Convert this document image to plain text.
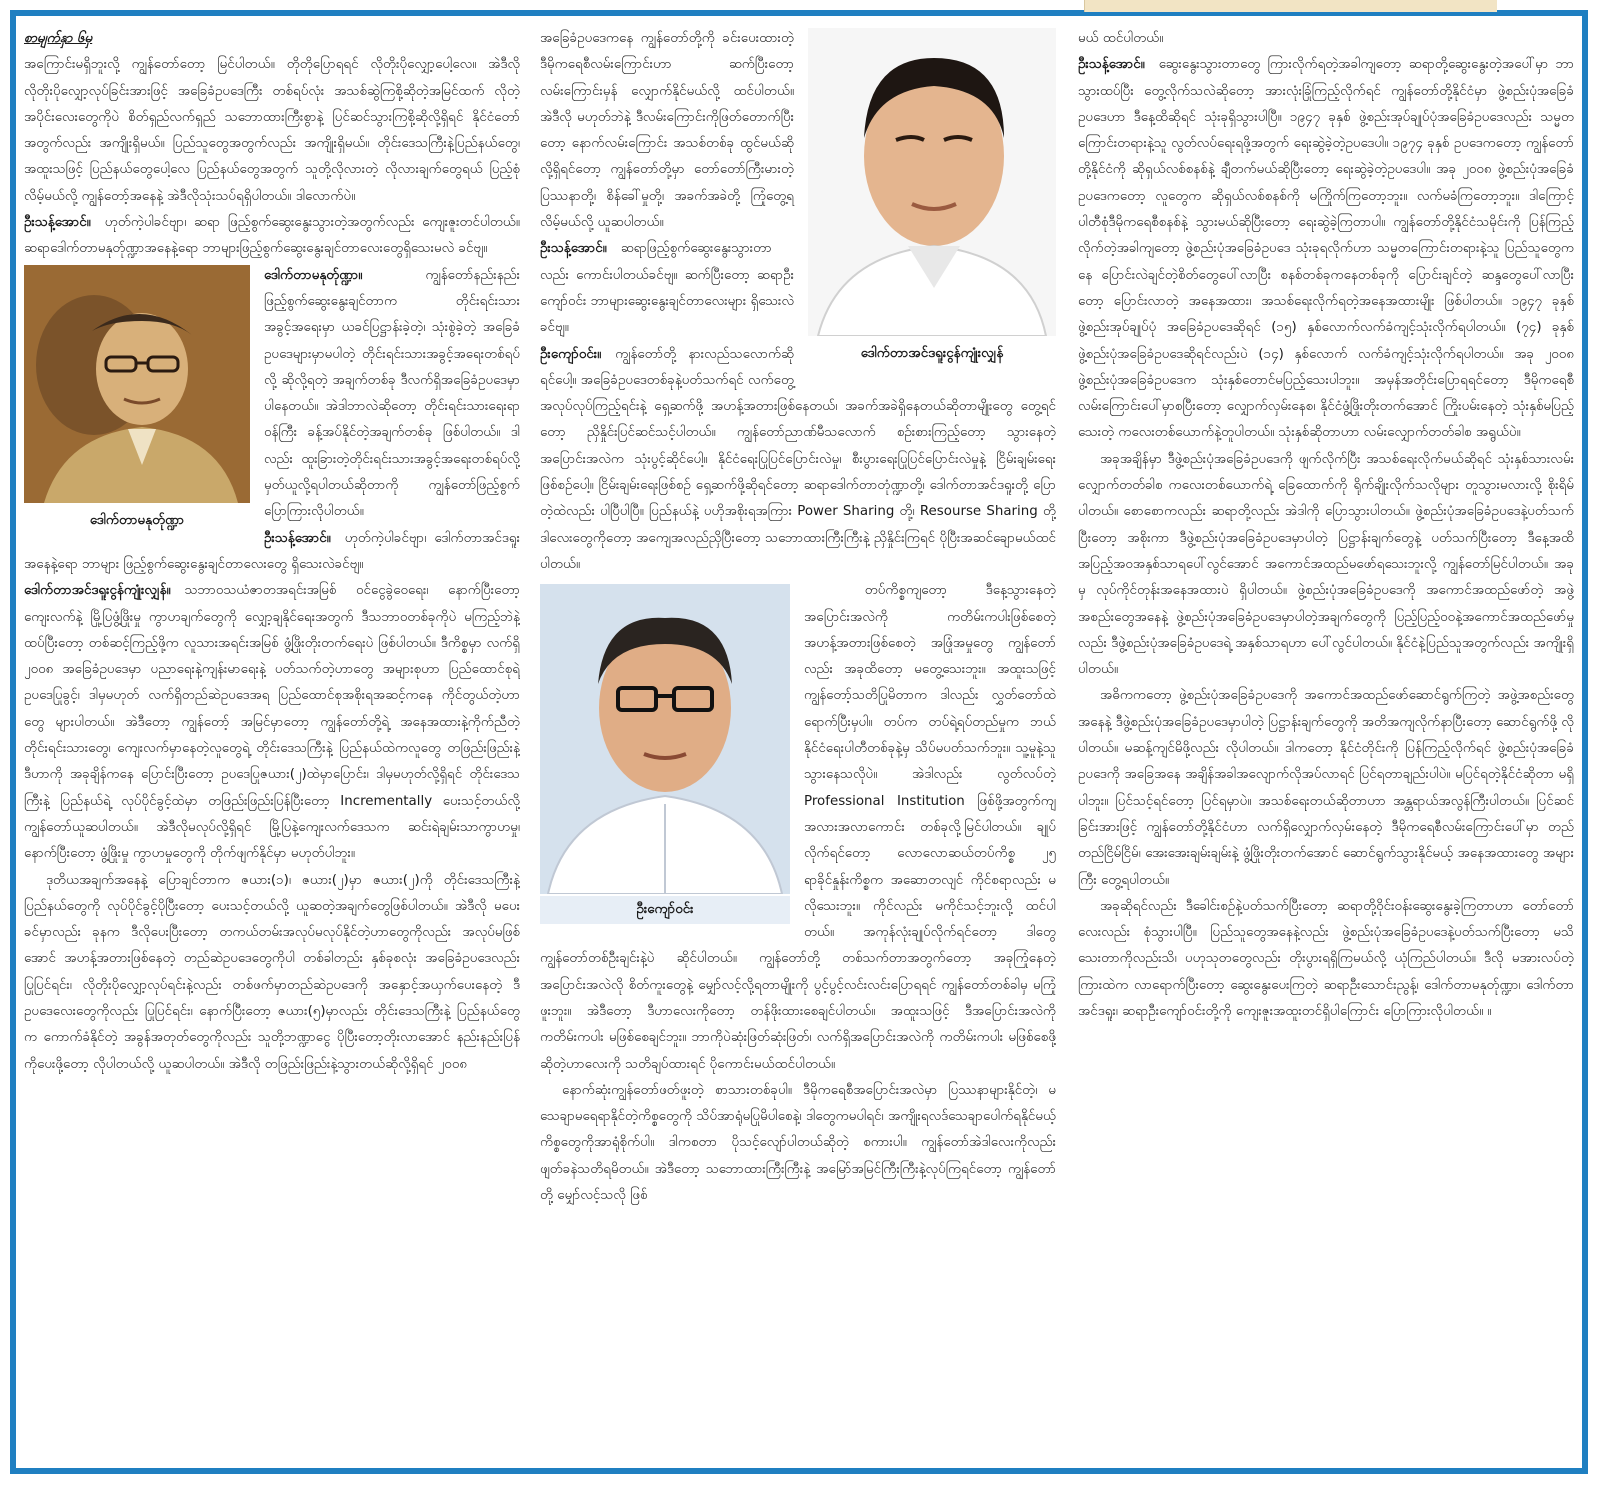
စာမျက်နှာ ၆မှ

အကြောင်းမရှိဘူးလို့ ကျွန်တော်တော့ မြင်ပါတယ်။ တိုတိုပြောရရင် လိုတိုးပိုလျှော့ပေါ့လေ။ အဲဒီလို လိုတိုးပိုလျှော့လုပ်ခြင်းအားဖြင့် အခြေခံဥပဒေကြီး တစ်ရပ်လုံး အသစ်ဆွဲကြစို့ဆိုတဲ့အမြင်ထက် လိုတဲ့အပိုင်းလေးတွေကိုပဲ စိတ်ရှည်လက်ရှည် သဘောထားကြီးစွာနဲ့ ပြင်ဆင်သွားကြစို့ဆိုလို့ရှိရင် နိုင်ငံတော်အတွက်လည်း အကျိုးရှိမယ်။ ပြည်သူတွေအတွက်လည်း အကျိုးရှိမယ်။ တိုင်းဒေသကြီးနဲ့ပြည်နယ်တွေ၊ အထူးသဖြင့် ပြည်နယ်တွေပေါ့လေ ပြည်နယ်တွေအတွက် သူတို့လိုလားတဲ့ လိုလားချက်တွေရယ် ပြည့်စုံလိမ့်မယ်လို့ ကျွန်တော့်အနေနဲ့ အဲဒီလိုသုံးသပ်ရရှိပါတယ်။ ဒါလောက်ပဲ။

ဦးသန့်အောင်။ ဟုတ်ကဲ့ပါခင်ဗျာ၊ ဆရာ ဖြည့်စွက်ဆွေးနွေးသွားတဲ့အတွက်လည်း ကျေးဇူးတင်ပါတယ်။ ဆရာဒေါက်တာမနုတ်ုဏ္ဍာအနေနဲ့ရော ဘာများဖြည့်စွက်ဆွေးနွေးချင်တာလေးတွေရှိသေးမလဲ ခင်ဗျ။

ဒေါက်တာမနုတ်ုဏ္ဍာ။
ဒေါက်တာမနုတ်ုဏ္ဍာ
ကျွန်တော်နည်းနည်း ဖြည့်စွက်ဆွေးနွေးချင်တာက တိုင်းရင်းသားအခွင့်အရေးမှာ ယခင်ပြဋ္ဌာန်းခဲ့တဲ့၊ သုံးစွဲခဲ့တဲ့ အခြေခံဥပဒေများမှာမပါတဲ့ တိုင်းရင်းသားအခွင့်အရေးတစ်ရပ်လို့ ဆိုလို့ရတဲ့ အချက်တစ်ခု ဒီလက်ရှိအခြေခံဥပဒေမှာပါနေတယ်။ အဲဒါဘာလဲဆိုတော့ တိုင်းရင်းသားရေးရာဝန်ကြီး ခန့်အပ်နိုင်တဲ့အချက်တစ်ခု ဖြစ်ပါတယ်။ ဒါလည်း ထူးခြားတဲ့တိုင်းရင်းသားအခွင့်အရေးတစ်ရပ်လို့ မှတ်ယူလို့ရပါတယ်ဆိုတာကို ကျွန်တော်ဖြည့်စွက် ပြောကြားလိုပါတယ်။

ဦးသန့်အောင်။ ဟုတ်ကဲ့ပါခင်ဗျာ၊ ဒေါက်တာအင်ဒရူးအနေနဲ့ရော ဘာများ ဖြည့်စွက်ဆွေးနွေးချင်တာလေးတွေ ရှိသေးလဲခင်ဗျ။

ဒေါက်တာအင်ဒရူးငွန်ကျုံးလျှန်။ သဘာဝသယံဇာတအရင်းအမြစ် ဝင်ငွေခွဲဝေရေး၊ နောက်ပြီးတော့ ကျေးလက်နဲ့ မြို့ပြဖွံ့ဖြိုးမှု ကွာဟချက်တွေကို လျှော့ချနိုင်ရေးအတွက် ဒီသဘာဝတစ်ခုကိုပဲ မကြည့်ဘဲနဲ့ ထပ်ပြီးတော့ တစ်ဆင့်ကြည့်ဖို့က လူသားအရင်းအမြစ် ဖွံ့ဖြိုးတိုးတက်ရေးပဲ ဖြစ်ပါတယ်။ ဒီကိစ္စမှာ လက်ရှိ ၂၀၀၈ အခြေခံဥပဒေမှာ ပညာရေးနဲ့ကျန်းမာရေးနဲ့ ပတ်သက်တဲ့ဟာတွေ အများစုဟာ ပြည်ထောင်စုရဲ့ ဥပဒေပြုခွင့်၊ ဒါမှမဟုတ် လက်ရှိတည်ဆဲဥပဒေအရ ပြည်ထောင်စုအစိုးရအဆင့်ကနေ ကိုင်တွယ်တဲ့ဟာတွေ များပါတယ်။ အဲဒီတော့ ကျွန်တော့် အမြင်မှာတော့ ကျွန်တော်တို့ရဲ့ အနေအထားနဲ့ကိုက်ညီတဲ့ တိုင်းရင်းသားတွေ၊ ကျေးလက်မှာနေတဲ့လူတွေရဲ့ တိုင်းဒေသကြီးနဲ့ ပြည်နယ်ထဲကလူတွေ တဖြည်းဖြည်းနဲ့ ဒီဟာကို အခုချိန်ကနေ ပြောင်းပြီးတော့ ဥပဒေပြုဇယား(၂)ထဲမှာပြောင်း၊ ဒါမှမဟုတ်လို့ရှိရင် တိုင်းဒေသကြီးနဲ့ ပြည်နယ်ရဲ့ လုပ်ပိုင်ခွင့်ထဲမှာ တဖြည်းဖြည်းပြန်ပြီးတော့ Incrementally ပေးသင့်တယ်လို့ ကျွန်တော်ယူဆပါတယ်။ အဲဒီလိုမလုပ်လို့ရှိရင် မြို့ပြနဲ့ကျေးလက်ဒေသက ဆင်းရဲချမ်းသာကွာဟမှု၊ နောက်ပြီးတော့ ဖွံ့ဖြိုးမှု ကွာဟမှုတွေကို တိုက်ဖျက်နိုင်မှာ မဟုတ်ပါဘူး။

ဒုတိယအချက်အနေနဲ့ ပြောချင်တာက ဇယား(၁)၊ ဇယား(၂)မှာ ဇယား(၂)ကို တိုင်းဒေသကြီးနဲ့ ပြည်နယ်တွေကို လုပ်ပိုင်ခွင့်ပိုပြီးတော့ ပေးသင့်တယ်လို့ ယူဆတဲ့အချက်တွေဖြစ်ပါတယ်။ အဲဒီလို မပေးခင်မှာလည်း ခုနက ဒီလိုပေးပြီးတော့ တကယ်တမ်းအလုပ်မလုပ်နိုင်တဲ့ဟာတွေကိုလည်း အလုပ်မဖြစ်အောင် အဟန့်အတားဖြစ်နေတဲ့ တည်ဆဲဥပဒေတွေကိုပါ တစ်ခါတည်း နှစ်ခုစလုံး အခြေခံဥပဒေလည်း ပြုပြင်ရင်း၊ လိုတိုးပိုလျှော့လုပ်ရင်းနဲ့လည်း တစ်ဖက်မှာတည်ဆဲဥပဒေကို အနှောင့်အယှက်ပေးနေတဲ့ ဒီဥပဒေလေးတွေကိုလည်း ပြုပြင်ရင်း၊ နောက်ပြီးတော့ ဇယား(၅)မှာလည်း တိုင်းဒေသကြီးနဲ့ ပြည်နယ်တွေက ကောက်ခံနိုင်တဲ့ အခွန်အတုတ်တွေကိုလည်း သူတို့ဘဏ္ဍာငွေ ပိုပြီးတော့တိုးလာအောင် နည်းနည်းပြန်ကိုပေးဖို့တော့ လိုပါတယ်လို့ ယူဆပါတယ်။ အဲဒီလို တဖြည်းဖြည်းနဲ့သွားတယ်ဆိုလို့ရှိရင် ၂၀၀၈

ဒေါက်တာအင်ဒရူးငွန်ကျုံးလျှန်
အခြေခံဥပဒေကနေ ကျွန်တော်တို့ကို ခင်းပေးထားတဲ့ ဒီမိုကရေစီလမ်းကြောင်းဟာ ဆက်ပြီးတော့ လမ်းကြောင်းမှန် လျှောက်နိုင်မယ်လို့ ထင်ပါတယ်။ အဲဒီလို မဟုတ်ဘဲနဲ့ ဒီလမ်းကြောင်းကိုဖြတ်တောက်ပြီးတော့ နောက်လမ်းကြောင်း အသစ်တစ်ခု ထွင်မယ်ဆိုလို့ရှိရင်တော့ ကျွန်တော်တို့မှာ တော်တော်ကြီးမားတဲ့ ပြဿနာတို့၊ စိန်ခေါ်မှုတို့၊ အခက်အခဲတို့ ကြုံတွေ့ရလိမ့်မယ်လို့ ယူဆပါတယ်။

ဦးသန့်အောင်။ ဆရာဖြည့်စွက်ဆွေးနွေးသွားတာလည်း ကောင်းပါတယ်ခင်ဗျ။ ဆက်ပြီးတော့ ဆရာဦးကျော်ဝင်း ဘာများဆွေးနွေးချင်တာလေးများ ရှိသေးလဲခင်ဗျ။

ဦးကျော်ဝင်း။ ကျွန်တော်တို့ နားလည်သလောက်ဆိုရင်ပေါ့။ အခြေခံဥပဒေတစ်ခုနဲ့ပတ်သက်ရင် လက်တွေ့အလုပ်လုပ်ကြည့်ရင်းနဲ့ ရှေ့ဆက်ဖို့ အဟန့်အတားဖြစ်နေတယ်၊ အခက်အခဲရှိနေတယ်ဆိုတာမျိုးတွေ တွေ့ရင်တော့ ညှိနှိုင်းပြင်ဆင်သင့်ပါတယ်။ ကျွန်တော်ညာဏ်မီသလောက် စဉ်းစားကြည့်တော့ သွားနေတဲ့အပြောင်းအလဲက သုံးပွင့်ဆိုင်ပေါ့။ နိုင်ငံရေးပြုပြင်ပြောင်းလဲမှု၊ စီးပွားရေးပြုပြင်ပြောင်းလဲမှုနဲ့ ငြိမ်းချမ်းရေး ဖြစ်စဉ်ပေါ့။ ငြိမ်းချမ်းရေးဖြစ်စဉ် ရှေ့ဆက်ဖို့ဆိုရင်တော့ ဆရာဒေါက်တာတုံဏ္ဍာတို့၊ ဒေါက်တာအင်ဒရူးတို့ ပြောတဲ့ထဲလည်း ပါပြီပါပြီ။ ပြည်နယ်နဲ့ ပဟိုအစိုးရအကြား Power Sharing တို့၊ Resourse Sharing တို့ ဒါလေးတွေကိုတော့ အကျေအလည်ညှိပြီးတော့ သဘောထားကြီးကြီးနဲ့ ညှိနှိုင်းကြရင် ပိုပြီးအဆင်ချောမယ်ထင်ပါတယ်။

ဦးကျော်ဝင်း
တပ်ကိစ္စကျတော့ ဒီနေ့သွားနေတဲ့အပြောင်းအလဲကို ကတိမ်းကပါးဖြစ်စေတဲ့ အဟန့်အတားဖြစ်စေတဲ့ အဖြုံအမှုတွေ ကျွန်တော်လည်း အခုထိတော့ မတွေ့သေးဘူး။ အထူးသဖြင့် ကျွန်တော့်သတိပြုမိတာက ဒါလည်း လွှတ်တော်ထဲ ရောက်ပြီးမှပါ။ တပ်က တပ်ရဲ့ရပ်တည်မှုက ဘယ်နိုင်ငံရေးပါတီတစ်ခုနဲ့မှ သိပ်မပတ်သက်ဘူး။ သူ့မူနဲ့သူ သွားနေသလိုပဲ။ အဲဒါလည်း လွတ်လပ်တဲ့ Professional Institution ဖြစ်ဖို့အတွက်ကျ အလားအလာကောင်း တစ်ခုလို့မြင်ပါတယ်။ ချုပ်လိုက်ရင်တော့ လောလောဆယ်တပ်ကိစ္စ ၂၅ ရာခိုင်နှုန်းကိစ္စက အဆောတလျင် ကိုင်စရာလည်း မလိုသေးဘူး။ ကိုင်လည်း မကိုင်သင့်ဘူးလို့ ထင်ပါတယ်။ အကုန်လုံးချုပ်လိုက်ရင်တော့ ဒါတွေ ကျွန်တော်တစ်ဦးချင်းနဲ့ပဲ ဆိုင်ပါတယ်။ ကျွန်တော်တို့ တစ်သက်တာအတွက်တော့ အခုကြုံနေတဲ့ အပြောင်းအလဲလို စိတ်ကူးတွေနဲ့ မျှော်လင့်လို့ရတာမျိုးကို ပွင့်ပွင့်လင်းလင်းပြောရရင် ကျွန်တော်တစ်ခါမှ မကြုံဖူးဘူး။ အဲဒီတော့ ဒီဟာလေးကိုတော့ တန်ဖိုးထားစေချင်ပါတယ်။ အထူးသဖြင့် ဒီအပြောင်းအလဲကို ကတိမ်းကပါး မဖြစ်စေချင်ဘူး။ ဘာကိုပဲဆုံးဖြတ်ဆုံးဖြတ်၊ လက်ရှိအပြောင်းအလဲကို ကတိမ်းကပါး မဖြစ်စေဖို့ဆိုတဲ့ဟာလေးကို သတိချပ်ထားရင် ပိုကောင်းမယ်ထင်ပါတယ်။

နောက်ဆုံးကျွန်တော်ဖတ်ဖူးတဲ့ စာသားတစ်ခုပါ။ ဒီမိုကရေစီအပြောင်းအလဲမှာ ပြဿနာများနိုင်တဲ့၊ မသေချာမရေရာနိုင်တဲ့ကိစ္စတွေကို သိပ်အာရုံမပြုမိပါစေနဲ့၊ ဒါတွေကမပါရင်၊ အကျိုးရလဒ်သေချာပေါက်ရနိုင်မယ့်ကိစ္စတွေကိုအာရုံစိုက်ပါ။ ဒါကစတာ ပိုသင့်လျော်ပါတယ်ဆိုတဲ့ စကားပါ။ ကျွန်တော်အဲဒါလေးကိုလည်း ဖျတ်ခနဲသတိရမိတယ်။ အဲဒီတော့ သဘောထားကြီးကြီးနဲ့ အမြော်အမြင်ကြီးကြီးနဲ့လုပ်ကြရင်တော့ ကျွန်တော်တို့ မျှော်လင့်သလို ဖြစ်

မယ် ထင်ပါတယ်။

ဦးသန့်အောင်။ ဆွေးနွေးသွားတာတွေ ကြားလိုက်ရတဲ့အခါကျတော့ ဆရာတို့ဆွေးနွေးတဲ့အပေါ်မှာ ဘာသွားထပ်ပြီး တွေ့လိုက်သလဲဆိုတော့ အားလုံးခြုံကြည့်လိုက်ရင် ကျွန်တော်တို့နိုင်ငံမှာ ဖွဲ့စည်းပုံအခြေခံဥပဒေဟာ ဒီနေ့ထိဆိုရင် သုံးခုရှိသွားပါပြီ။ ၁၉၄၇ ခုနှစ် ဖွဲ့စည်းအုပ်ချုပ်ပုံအခြေခံဥပဒေလည်း သမ္မတကြောင်းတရားနဲ့သူ လွတ်လပ်ရေးရဖို့အတွက် ရေးဆွဲခဲ့တဲ့ဥပဒေပါ။ ၁၉၇၄ ခုနှစ် ဥပဒေကတော့ ကျွန်တော်တို့နိုင်ငံကို ဆိုရှယ်လစ်စနစ်နဲ့ ချီတက်မယ်ဆိုပြီးတော့ ရေးဆွဲခဲ့တဲ့ဥပဒေပါ။ အခု ၂၀၀၈ ဖွဲ့စည်းပုံအခြေခံဥပဒေကတော့ လူတွေက ဆိုရှယ်လစ်စနစ်ကို မကြိုက်ကြတော့ဘူး။ လက်မခံကြတော့ဘူး။ ဒါကြောင့် ပါတီစုံဒီမိုကရေစီစနစ်နဲ့ သွားမယ်ဆိုပြီးတော့ ရေးဆွဲခဲ့ကြတာပါ။ ကျွန်တော်တို့နိုင်ငံသမိုင်းကို ပြန်ကြည့်လိုက်တဲ့အခါကျတော့ ဖွဲ့စည်းပုံအခြေခံဥပဒေ သုံးခုရလိုက်ဟာ သမ္မတကြောင်းတရားနဲ့သူ ပြည်သူတွေကနေ ပြောင်းလဲချင်တဲ့စိတ်တွေပေါ်လာပြီး စနစ်တစ်ခုကနေတစ်ခုကို ပြောင်းချင်တဲ့ ဆန္ဒတွေပေါ်လာပြီးတော့ ပြောင်းလာတဲ့ အနေအထား၊ အသစ်ရေးလိုက်ရတဲ့အနေအထားမျိုး ဖြစ်ပါတယ်။ ၁၉၄၇ ခုနှစ် ဖွဲ့စည်းအုပ်ချုပ်ပုံ အခြေခံဥပဒေဆိုရင် (၁၅) နှစ်လောက်လက်ခံကျင့်သုံးလိုက်ရပါတယ်။ (၇၄) ခုနှစ် ဖွဲ့စည်းပုံအခြေခံဥပဒေဆိုရင်လည်းပဲ (၁၄) နှစ်လောက် လက်ခံကျင့်သုံးလိုက်ရပါတယ်။ အခု ၂၀၀၈ ဖွဲ့စည်းပုံအခြေခံဥပဒေက သုံးနှစ်တောင်မပြည့်သေးပါဘူး။ အမှန်အတိုင်းပြောရရင်တော့ ဒီမိုကရေစီလမ်းကြောင်းပေါ်မှာစပြီးတော့ လျှောက်လှမ်းနေစ၊ နိုင်ငံဖွံ့ဖြိုးတိုးတက်အောင် ကြိုးပမ်းနေတဲ့ သုံးနှစ်မပြည့်သေးတဲ့ ကလေးတစ်ယောက်နဲ့တူပါတယ်။ သုံးနှစ်ဆိုတာဟာ လမ်းလျှောက်တတ်ခါစ အရွယ်ပဲ။

အခုအချိန်မှာ ဒီဖွဲ့စည်းပုံအခြေခံဥပဒေကို ဖျက်လိုက်ပြီး အသစ်ရေးလိုက်မယ်ဆိုရင် သုံးနှစ်သားလမ်းလျှောက်တတ်ခါစ ကလေးတစ်ယောက်ရဲ့ ခြေထောက်ကို ရိုက်ချိုးလိုက်သလိုများ တူသွားမလားလို့ စိုးရိမ်ပါတယ်။ စောစောကလည်း ဆရာတို့လည်း အဲဒါကို ပြောသွားပါတယ်။ ဖွဲ့စည်းပုံအခြေခံဥပဒေနဲ့ပတ်သက်ပြီးတော့ အစိုးကာ ဒီဖွဲ့စည်းပုံအခြေခံဥပဒေမှာပါတဲ့ ပြဋ္ဌာန်းချက်တွေနဲ့ ပတ်သက်ပြီးတော့ ဒီနေ့အထိ အပြည့်အဝအနှစ်သာရပေါ်လွင်အောင် အကောင်အထည်မဖော်ရသေးဘူးလို့ ကျွန်တော်မြင်ပါတယ်။ အခုမှ လုပ်ကိုင်တုန်းအနေအထားပဲ ရှိပါတယ်။ ဖွဲ့စည်းပုံအခြေခံဥပဒေကို အကောင်အထည်ဖော်တဲ့ အဖွဲ့အစည်းတွေအနေနဲ့ ဖွဲ့စည်းပုံအခြေခံဥပဒေမှာပါတဲ့အချက်တွေကို ပြည့်ပြည့်ဝဝနဲ့အကောင်အထည်ဖော်မှုလည်း ဒီဖွဲ့စည်းပုံအခြေခံဥပဒေရဲ့ အနှစ်သာရဟာ ပေါ်လွင်ပါတယ်။ နိုင်ငံနဲ့ပြည်သူအတွက်လည်း အကျိုးရှိပါတယ်။

အဓိကကတော့ ဖွဲ့စည်းပုံအခြေခံဥပဒေကို အကောင်အထည်ဖော်ဆောင်ရွက်ကြတဲ့ အဖွဲ့အစည်းတွေအနေနဲ့ ဒီဖွဲ့စည်းပုံအခြေခံဥပဒေမှာပါတဲ့ ပြဋ္ဌာန်းချက်တွေကို အတိအကျလိုက်နာပြီးတော့ ဆောင်ရွက်ဖို့ လိုပါတယ်။ မဆန့်ကျင်မိဖို့လည်း လိုပါတယ်။ ဒါကတော့ နိုင်ငံတိုင်းကို ပြန်ကြည့်လိုက်ရင် ဖွဲ့စည်းပုံအခြေခံဥပဒေကို အခြေအနေ အချိန်အခါအလျောက်လိုအပ်လာရင် ပြင်ရတာချည်းပါပဲ။ မပြင်ရတဲ့နိုင်ငံဆိုတာ မရှိပါဘူး။ ပြင်သင့်ရင်တော့ ပြင်ရမှာပဲ။ အသစ်ရေးတယ်ဆိုတာဟာ အန္တရာယ်အလွန်ကြီးပါတယ်။ ပြင်ဆင်ခြင်းအားဖြင့် ကျွန်တော်တို့နိုင်ငံဟာ လက်ရှိလျှောက်လှမ်းနေတဲ့ ဒီမိုကရေစီလမ်းကြောင်းပေါ်မှာ တည်တည်ငြိမ်ငြိမ်၊ အေးအေးချမ်းချမ်းနဲ့ ဖွံ့ဖြိုးတိုးတက်အောင် ဆောင်ရွက်သွားနိုင်မယ့် အနေအထားတွေ အများကြီး တွေ့ရပါတယ်။

အခုဆိုရင်လည်း ဒီခေါင်းစဉ်နဲ့ပတ်သက်ပြီးတော့ ဆရာတို့ဝိုင်းဝန်းဆွေးနွေးခဲ့ကြတာဟာ တော်တော်လေးလည်း စုံသွားပါပြီ။ ပြည်သူတွေအနေနဲ့လည်း ဖွဲ့စည်းပုံအခြေခံဥပဒေနဲ့ပတ်သက်ပြီးတော့ မသိသေးတာကိုလည်းသိ၊ ပဟုသုတတွေလည်း တိုးပွားရရှိကြမယ်လို့ ယုံကြည်ပါတယ်။ ဒီလို မအားလပ်တဲ့ကြားထဲက လာရောက်ပြီးတော့ ဆွေးနွေးပေးကြတဲ့ ဆရာဦးသောင်းညွန့်၊ ဒေါက်တာမနုတ်ုဏ္ဍာ၊ ဒေါက်တာအင်ဒရူး၊ ဆရာဦးကျော်ဝင်းတို့ကို ကျေးဇူးအထူးတင်ရှိပါကြောင်း ပြောကြားလိုပါတယ်။ ။
